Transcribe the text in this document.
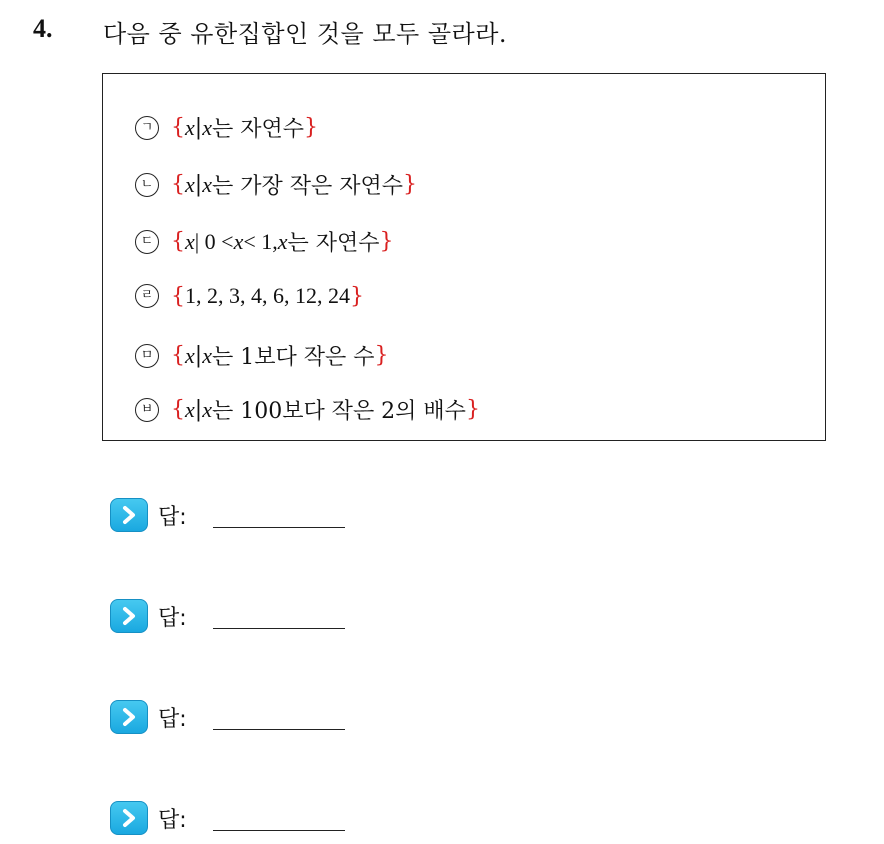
4. 다음 중 유한집합인 것을 모두 골라라.
ㄱ { x | x 는 자연수 }
ㄴ { x | x 는 가장 작은 자연수 }
ㄷ { x | 0 < x < 1, x 는 자연수 }
ㄹ { 1, 2, 3, 4, 6, 12, 24 }
ㅁ { x | x 는 1보다 작은 수 }
ㅂ { x | x 는 100보다 작은 2의 배수 }
답:
답:
답:
답:
